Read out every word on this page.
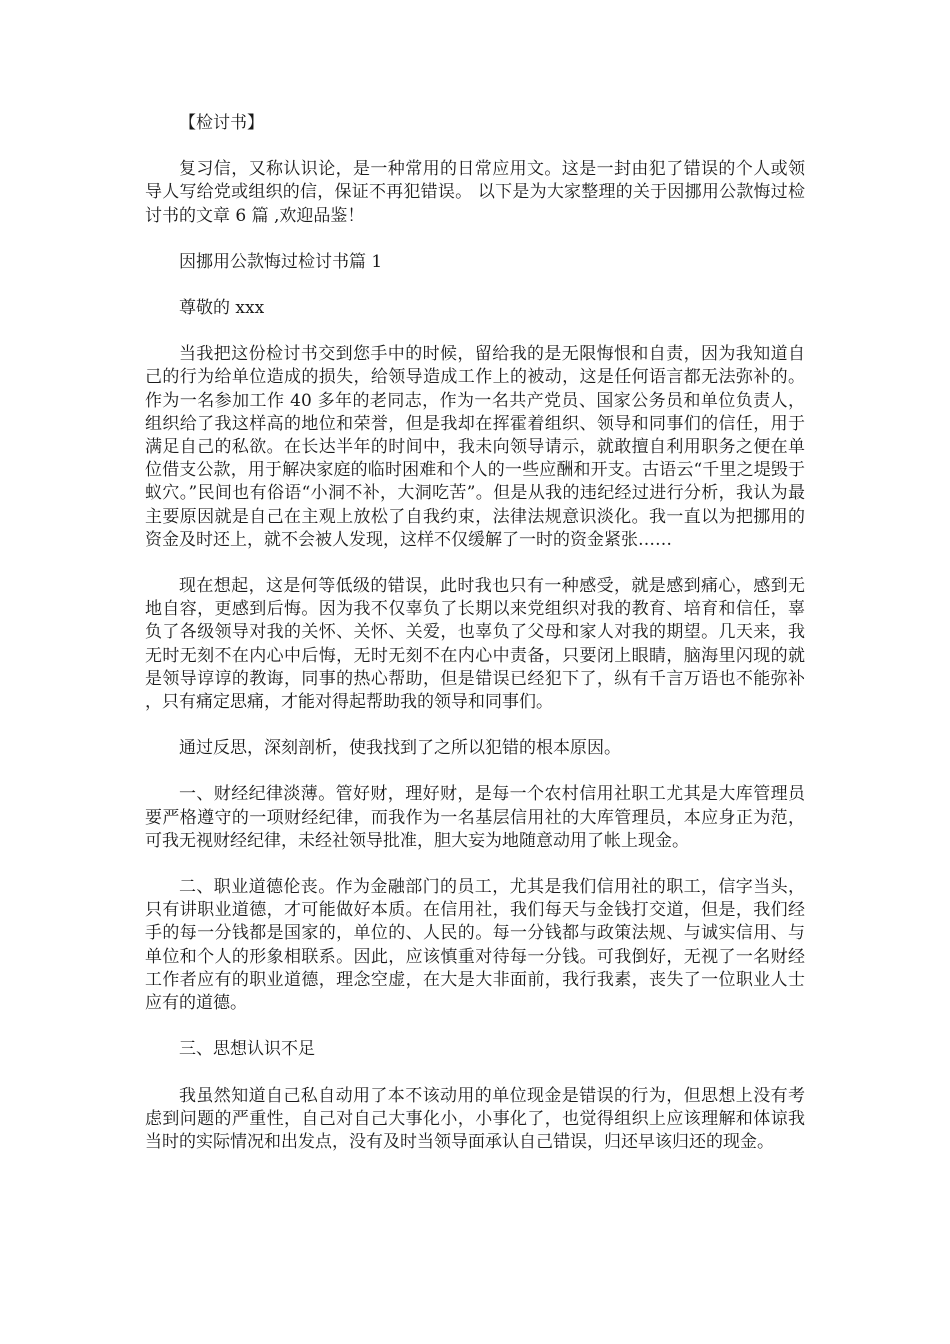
【检讨书】

复习信，又称认识论，是一种常用的日常应用文。这是一封由犯了错误的个人或领导人写给党或组织的信，保证不再犯错误。 以下是为大家整理的关于因挪用公款悔过检讨书的文章 6 篇 ,欢迎品鉴！

因挪用公款悔过检讨书篇 1

尊敬的 xxx

当我把这份检讨书交到您手中的时候，留给我的是无限悔恨和自责，因为我知道自己的行为给单位造成的损失，给领导造成工作上的被动，这是任何语言都无法弥补的。作为一名参加工作 40 多年的老同志，作为一名共产党员、国家公务员和单位负责人，组织给了我这样高的地位和荣誉，但是我却在挥霍着组织、领导和同事们的信任，用于满足自己的私欲。在长达半年的时间中，我未向领导请示，就敢擅自利用职务之便在单位借支公款，用于解决家庭的临时困难和个人的一些应酬和开支。古语云“千里之堤毁于蚁穴。”民间也有俗语“小洞不补，大洞吃苦”。但是从我的违纪经过进行分析，我认为最主要原因就是自己在主观上放松了自我约束，法律法规意识淡化。我一直以为把挪用的资金及时还上，就不会被人发现，这样不仅缓解了一时的资金紧张……

现在想起，这是何等低级的错误，此时我也只有一种感受，就是感到痛心，感到无地自容，更感到后悔。因为我不仅辜负了长期以来党组织对我的教育、培育和信任，辜负了各级领导对我的关怀、关怀、关爱，也辜负了父母和家人对我的期望。几天来，我无时无刻不在内心中后悔，无时无刻不在内心中责备，只要闭上眼睛，脑海里闪现的就是领导谆谆的教诲，同事的热心帮助，但是错误已经犯下了，纵有千言万语也不能弥补，只有痛定思痛，才能对得起帮助我的领导和同事们。

通过反思，深刻剖析，使我找到了之所以犯错的根本原因。

一、财经纪律淡薄。管好财，理好财，是每一个农村信用社职工尤其是大库管理员要严格遵守的一项财经纪律，而我作为一名基层信用社的大库管理员，本应身正为范，可我无视财经纪律，未经社领导批准，胆大妄为地随意动用了帐上现金。

二、职业道德伦丧。作为金融部门的员工，尤其是我们信用社的职工，信字当头，只有讲职业道德，才可能做好本质。在信用社，我们每天与金钱打交道，但是，我们经手的每一分钱都是国家的，单位的、人民的。每一分钱都与政策法规、与诚实信用、与单位和个人的形象相联系。因此，应该慎重对待每一分钱。可我倒好，无视了一名财经工作者应有的职业道德，理念空虚，在大是大非面前，我行我素，丧失了一位职业人士应有的道德。

三、思想认识不足

我虽然知道自己私自动用了本不该动用的单位现金是错误的行为，但思想上没有考虑到问题的严重性，自己对自己大事化小，小事化了，也觉得组织上应该理解和体谅我当时的实际情况和出发点，没有及时当领导面承认自己错误，归还早该归还的现金。
